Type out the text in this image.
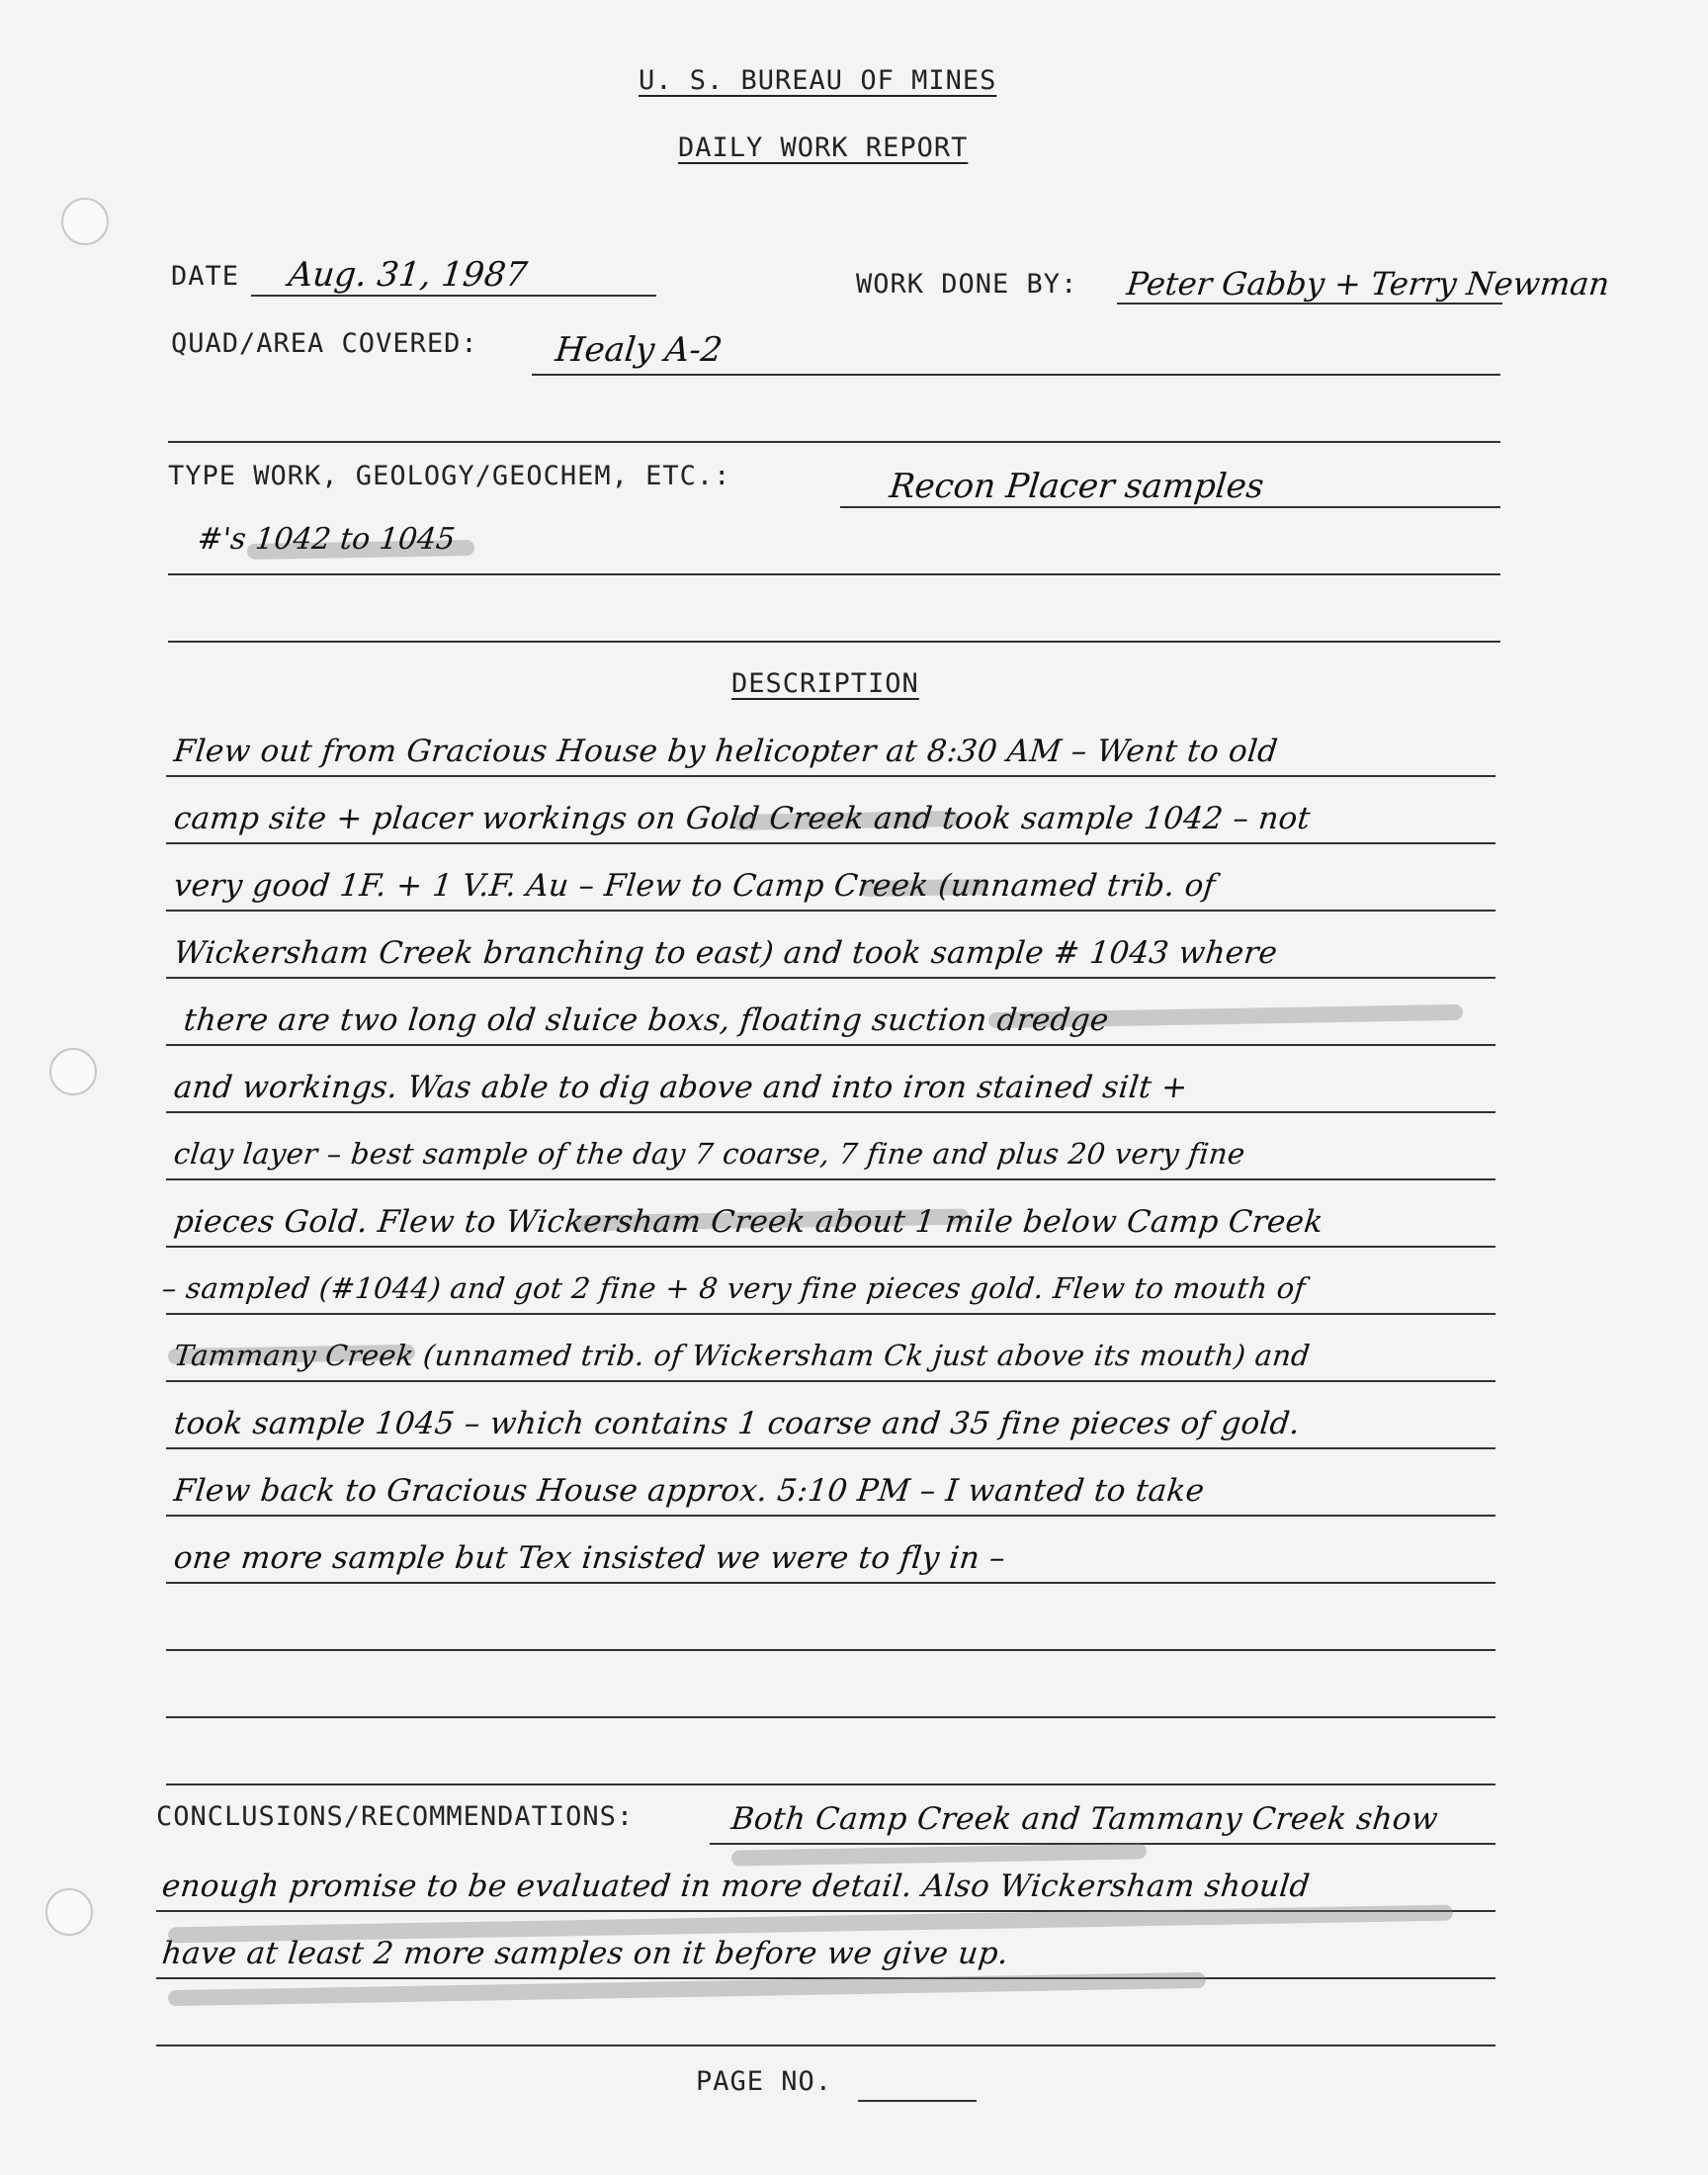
U. S. BUREAU OF MINES
DAILY WORK REPORT
DATE Aug. 31, 1987	WORK DONE BY: Peter Gabby + Terry Newman
QUAD/AREA COVERED: Healy A-2
TYPE WORK, GEOLOGY/GEOCHEM, ETC.:	Recon Placer samples
#'s 1042 to 1045
DESCRIPTION
Flew out from Gracious House by helicopter at 8:30 AM – Went to old
camp site + placer workings on Gold Creek and took sample 1042 – not
very good 1F. + 1 V.F. Au – Flew to Camp Creek (unnamed trib. of
Wickersham Creek branching to east) and took sample # 1043 where
there are two long old sluice boxs, floating suction dredge
and workings. Was able to dig above and into iron stained silt +
clay layer – best sample of the day 7 coarse, 7 fine and plus 20 very fine
pieces Gold. Flew to Wickersham Creek about 1 mile below Camp Creek
– sampled (#1044) and got 2 fine + 8 very fine pieces gold. Flew to mouth of
Tammany Creek (unnamed trib. of Wickersham Ck just above its mouth) and
took sample 1045 – which contains 1 coarse and 35 fine pieces of gold.
Flew back to Gracious House approx. 5:10 PM – I wanted to take
one more sample but Tex insisted we were to fly in –
CONCLUSIONS/RECOMMENDATIONS:	Both Camp Creek and Tammany Creek show
enough promise to be evaluated in more detail. Also Wickersham should
have at least 2 more samples on it before we give up.
PAGE NO.
